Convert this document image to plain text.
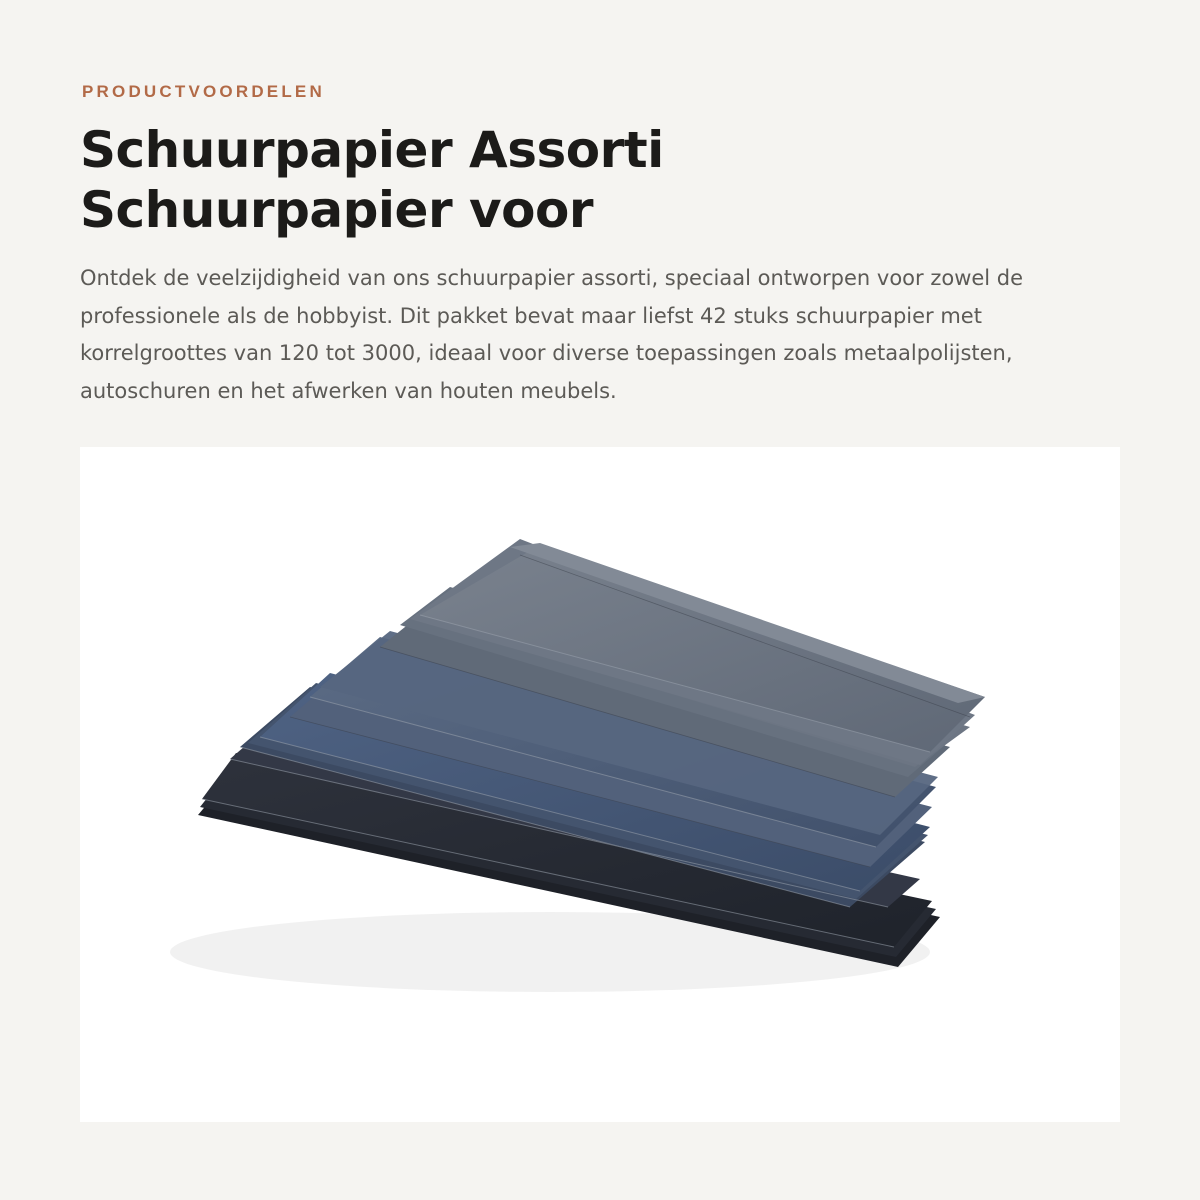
PRODUCTVOORDELEN
Schuurpapier Assorti
Schuurpapier voor

Ontdek de veelzijdigheid van ons schuurpapier assorti, speciaal ontworpen voor zowel de professionele als de hobbyist. Dit pakket bevat maar liefst 42 stuks schuurpapier met korrelgroottes van 120 tot 3000, ideaal voor diverse toepassingen zoals metaalpolijsten, autoschuren en het afwerken van houten meubels.
